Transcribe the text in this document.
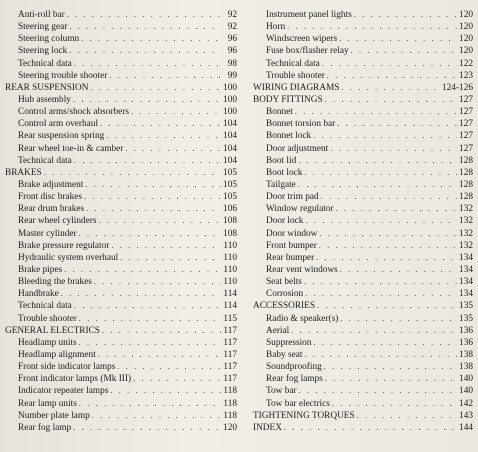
Anti-roll bar . . .	92
Steering gear . . .	92
Steering column . . .	96
Steering lock . . .	96
Technical data . . .	98
Steering trouble shooter . . .	99
REAR SUSPENSION . . .	100
Hub assembly . . .	100
Control arms/shock absorbers . . .	100
Control arm overhaul . . .	104
Rear suspension spring . . .	104
Rear wheel toe-in & camber . . .	104
Technical data . . .	104
BRAKES . . .	105
Brake adjustment . . .	105
Front disc brakes . . .	105
Rear drum brakes . . .	106
Rear wheel cylinders . . .	108
Master cylinder . . .	108
Brake pressure regulator . . .	110
Hydraulic system overhaul . . .	110
Brake pipes . . .	110
Bleeding the brakes . . .	110
Handbrake . . .	114
Technical data . . .	114
Trouble shooter . . .	115
GENERAL ELECTRICS . . .	117
Headlamp units . . .	117
Headlamp alignment . . .	117
Front side indicator lamps . . .	117
Front indicator lamps (Mk III) . . .	117
Indicator repeater lamps . . .	118
Rear lamp units . . .	118
Number plate lamp . . .	118
Rear fog lamp . . .	120
Instrument panel lights . . .	120
Horn . . .	120
Windscreen wipers . . .	120
Fuse box/flasher relay . . .	120
Technical data . . .	122
Trouble shooter . . .	123
WIRING DIAGRAMS . . .	124-126
BODY FITTINGS . . .	127
Bonnet . . .	127
Bonnet torsion bar . . .	127
Bonnet lock . . .	127
Door adjustment . . .	127
Boot lid . . .	128
Boot lock . . .	128
Tailgate . . .	128
Door trim pad . . .	128
Window regulator . . .	132
Door lock . . .	132
Door window . . .	132
Front bumper . . .	132
Rear bumper . . .	134
Rear vent windows . . .	134
Seat belts . . .	134
Corrosion . . .	134
ACCESSORIES . . .	135
Radio & speaker(s) . . .	135
Aerial . . .	136
Suppression . . .	136
Baby seat . . .	138
Soundproofing . . .	138
Rear fog lamps . . .	140
Tow bar . . .	140
Tow bar electrics . . .	142
TIGHTENING TORQUES . . .	143
INDEX . . .	144
